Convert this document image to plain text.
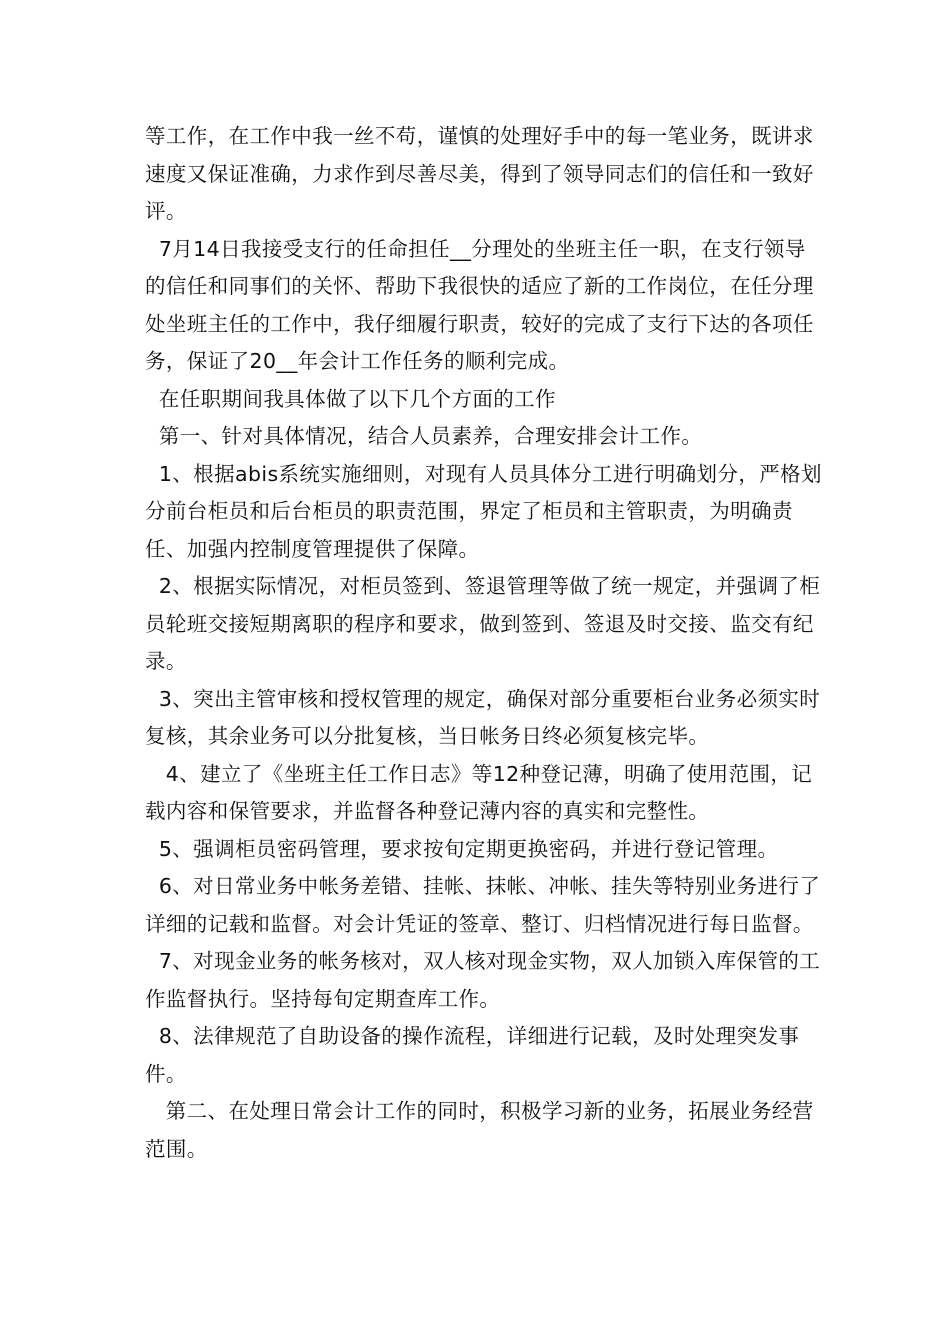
等工作，在工作中我一丝不苟，谨慎的处理好手中的每一笔业务，既讲求速度又保证准确，力求作到尽善尽美，得到了领导同志们的信任和一致好评。

7月14日我接受支行的任命担任__分理处的坐班主任一职，在支行领导的信任和同事们的关怀、帮助下我很快的适应了新的工作岗位，在任分理处坐班主任的工作中，我仔细履行职责，较好的完成了支行下达的各项任务，保证了20__年会计工作任务的顺利完成。

在任职期间我具体做了以下几个方面的工作

第一、针对具体情况，结合人员素养，合理安排会计工作。

1、根据abis系统实施细则，对现有人员具体分工进行明确划分，严格划分前台柜员和后台柜员的职责范围，界定了柜员和主管职责，为明确责任、加强内控制度管理提供了保障。

2、根据实际情况，对柜员签到、签退管理等做了统一规定，并强调了柜员轮班交接短期离职的程序和要求，做到签到、签退及时交接、监交有纪录。

3、突出主管审核和授权管理的规定，确保对部分重要柜台业务必须实时复核，其余业务可以分批复核，当日帐务日终必须复核完毕。

4、建立了《坐班主任工作日志》等12种登记薄，明确了使用范围，记载内容和保管要求，并监督各种登记薄内容的真实和完整性。

5、强调柜员密码管理，要求按旬定期更换密码，并进行登记管理。

6、对日常业务中帐务差错、挂帐、抹帐、冲帐、挂失等特别业务进行了详细的记载和监督。对会计凭证的签章、整订、归档情况进行每日监督。

7、对现金业务的帐务核对，双人核对现金实物，双人加锁入库保管的工作监督执行。坚持每旬定期查库工作。

8、法律规范了自助设备的操作流程，详细进行记载，及时处理突发事件。

第二、在处理日常会计工作的同时，积极学习新的业务，拓展业务经营范围。
